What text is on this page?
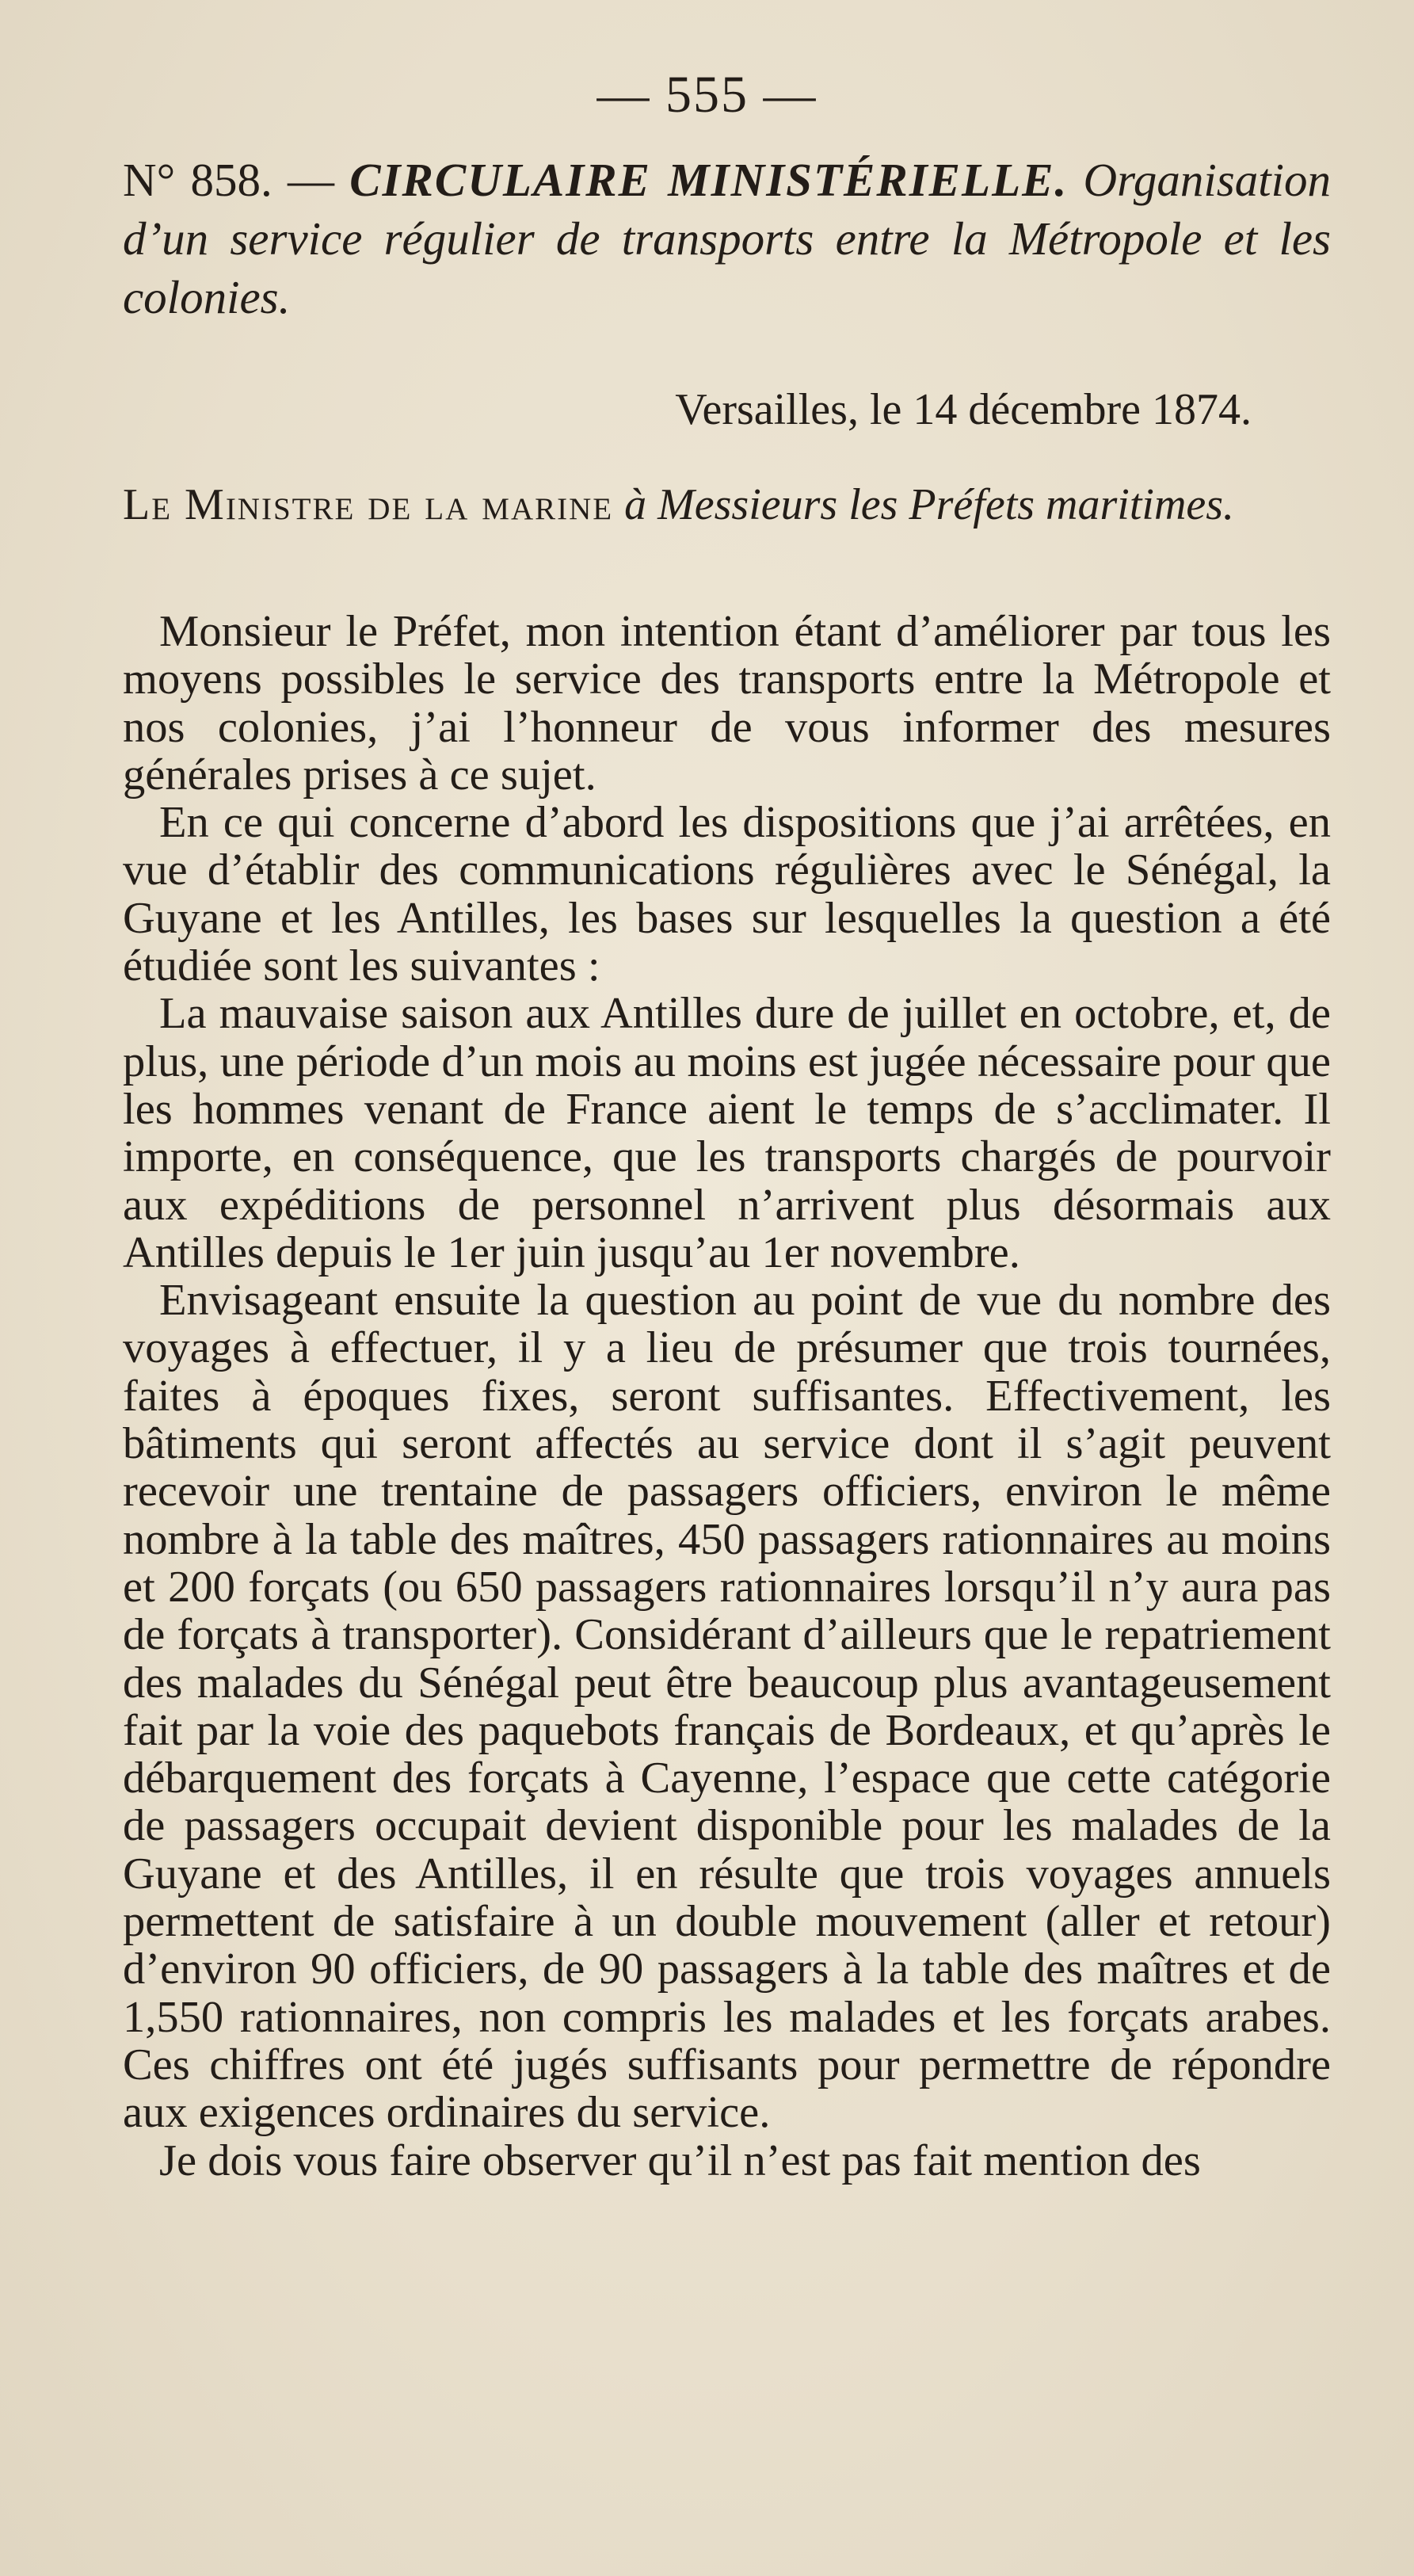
— 555 —

N° 858. — CIRCULAIRE MINISTÉRIELLE. Organisation d’un service régulier de transports entre la Métropole et les colonies.

Versailles, le 14 décembre 1874.
Le Ministre de la marine à Messieurs les Préfets maritimes.

Monsieur le Préfet, mon intention étant d’améliorer par tous les moyens possibles le service des transports entre la Métropole et nos colonies, j’ai l’honneur de vous informer des mesures générales prises à ce sujet.

En ce qui concerne d’abord les dispositions que j’ai arrêtées, en vue d’établir des communications régulières avec le Sénégal, la Guyane et les Antilles, les bases sur lesquelles la question a été étudiée sont les suivantes :

La mauvaise saison aux Antilles dure de juillet en octobre, et, de plus, une période d’un mois au moins est jugée nécessaire pour que les hommes venant de France aient le temps de s’acclimater. Il importe, en conséquence, que les transports chargés de pourvoir aux expéditions de personnel n’arrivent plus désormais aux Antilles depuis le 1er juin jusqu’au 1er novembre.

Envisageant ensuite la question au point de vue du nombre des voyages à effectuer, il y a lieu de présumer que trois tournées, faites à époques fixes, seront suffisantes. Effectivement, les bâtiments qui seront affectés au service dont il s’agit peuvent recevoir une trentaine de passagers officiers, environ le même nombre à la table des maîtres, 450 passagers rationnaires au moins et 200 forçats (ou 650 passagers rationnaires lorsqu’il n’y aura pas de forçats à transporter). Considérant d’ailleurs que le repatriement des malades du Sénégal peut être beaucoup plus avantageusement fait par la voie des paquebots français de Bordeaux, et qu’après le débarquement des forçats à Cayenne, l’espace que cette catégorie de passagers occupait devient disponible pour les malades de la Guyane et des Antilles, il en résulte que trois voyages annuels permettent de satisfaire à un double mouvement (aller et retour) d’environ 90 officiers, de 90 passagers à la table des maîtres et de 1,550 rationnaires, non compris les malades et les forçats arabes. Ces chiffres ont été jugés suffisants pour permettre de répondre aux exigences ordinaires du service.

Je dois vous faire observer qu’il n’est pas fait mention des
